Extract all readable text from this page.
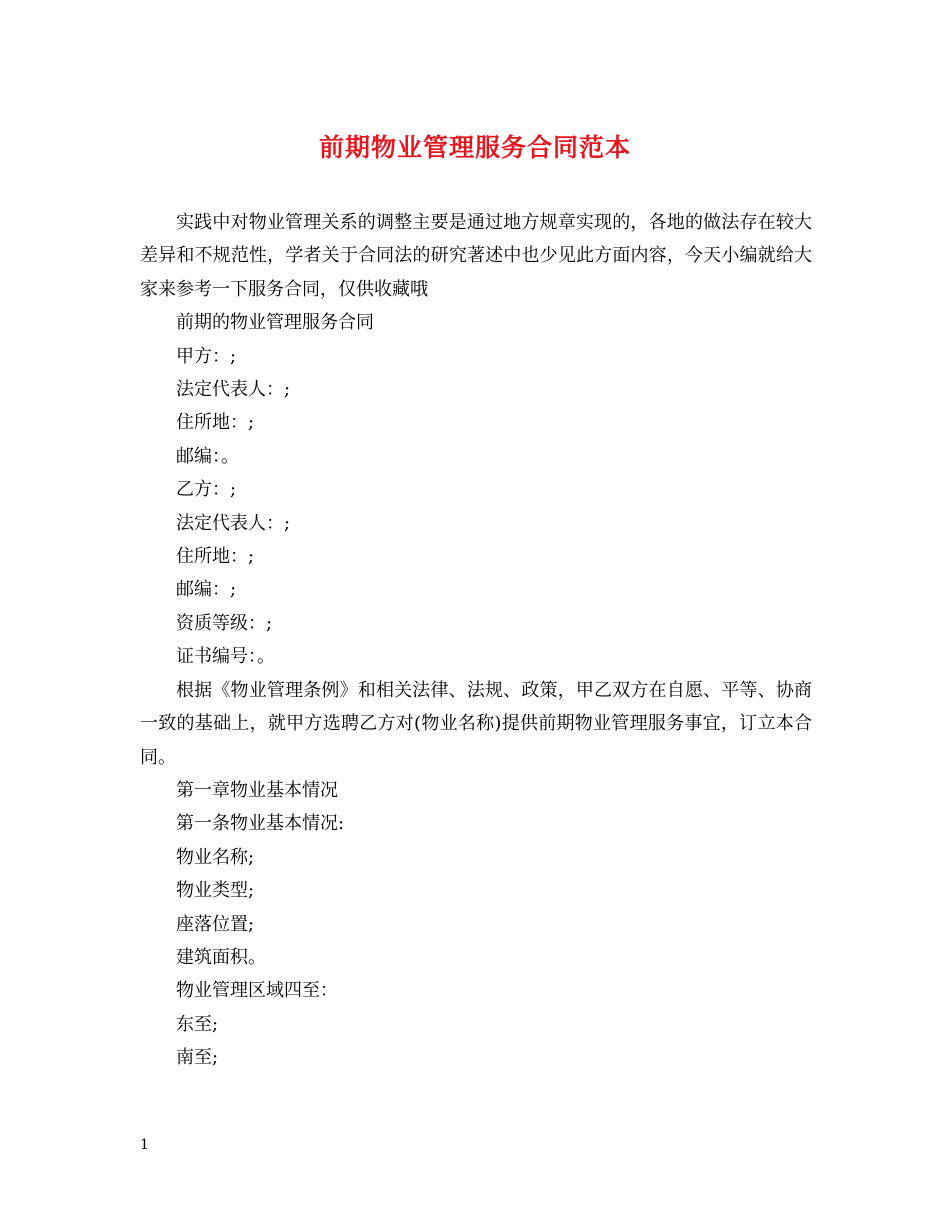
前期物业管理服务合同范本

实践中对物业管理关系的调整主要是通过地方规章实现的，各地的做法存在较大差异和不规范性，学者关于合同法的研究著述中也少见此方面内容，今天小编就给大家来参考一下服务合同，仅供收藏哦

前期的物业管理服务合同

甲方：;

法定代表人：;

住所地：;

邮编：。

乙方：;

法定代表人：;

住所地：;

邮编：;

资质等级：;

证书编号：。

根据《物业管理条例》和相关法律、法规、政策，甲乙双方在自愿、平等、协商一致的基础上，就甲方选聘乙方对(物业名称)提供前期物业管理服务事宜，订立本合同。

第一章物业基本情况

第一条物业基本情况:

物业名称;

物业类型;

座落位置;

建筑面积。

物业管理区域四至：

东至;

南至;

1
